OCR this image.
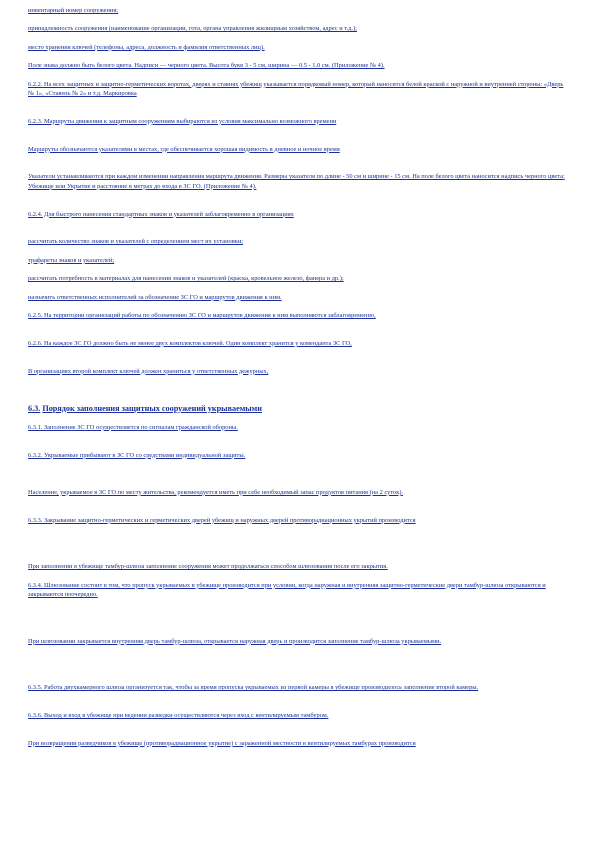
инвентарный номер сооружения;

принадлежность сооружения (наименование организации, гота, органа управления жилищным хозяйством, адрес и т.д.);

место хранения ключей (телефоны, адреса, должность и фамилия ответственных лиц).

Поле знака должно быть белого цвета. Надписи — черного цвета. Высота букв 3 - 5 см, ширина — 0.5 - 1.0 см. (Приложение № 4).

6.2.2. На всех защитных и защитно-герметических воротах, дверях и ставнях убежищ указывается порядковый номер, который наносится белой краской с наружной и внутренней стороны: «Дверь № 1», «Ставень № 2» и т.д. Маркировка

6.2.3. Маршруты движения к защитным сооружениям выбираются из условия максимально возможного времени

Маршруты обозначаются указателями в местах, где обеспечивается хорошая видимость в дневное и ночное время

Указатели устанавливаются при каждом изменении направления маршрута движения. Размеры указателя по длине - 50 см и ширине - 15 см. На поле белого цвета наносится надпись черного цвета: Убежище или Укрытие и расстояние в метрах до входа в ЗС ГО. (Приложение № 4).

6.2.4. Для быстрого нанесения стандартных знаков и указателей заблаговременно в организациях

рассчитать количество знаков и указателей с определением мест их установки;

трафареты знаков и указателей;

рассчитать потребность в материалах для нанесения знаков и указателей (краска, кровельное железо, фанера и др.);

назначить ответственных исполнителей за обозначение ЗС ГО и маршрутов движения к ним.

6.2.5. На территории организаций работы по обозначению ЗС ГО и маршрутов движения к ним выполняются заблаговременно,

6.2.6. На каждое ЗС ГО должно быть не менее двух комплектов ключей. Один комплект хранится у коменданта ЗС ГО,

В организациях второй комплект ключей должен храниться у ответственных дежурных,

6.3. Порядок заполнения защитных сооружений укрываемыми

6.3.1. Заполнение ЗС ГО осуществляется по сигналам гражданской обороны.

6.3.2. Укрываемые прибывают в ЗС ГО со средствами индивидуальной защиты.

Население, укрываемое в ЗС ГО по месту жительства, рекомендуется иметь при себе необходимый запас продуктов питания (на 2 суток).

6.3.3. Закрывание защитно-герметических и герметических дверей убежищ и наружных дверей противорадиационных укрытий производится

При заполнении в убежище тамбур-шлюза заполнение сооружения может продолжаться способом шлюзования после его закрытия.

6.3.4. Шлюзование состоит в том, что пропуск укрываемых в убежище производится при условии, когда наружная и внутренняя защитно-герметические двери тамбур-шлюза открываются и закрываются поочередно.

При шлюзовании закрывается внутренняя дверь тамбур-шлюза, открывается наружная дверь и производится заполнение тамбур-шлюза укрываемыми.

6.3.5. Работа двухкамерного шлюза организуется так, чтобы за время пропуска укрываемых из первой камеры в убежище производилось заполнение второй камеры.

6.3.6. Выход и вход в убежище при ведении разведки осуществляются через вход с вентилируемым тамбуром.

При возвращении разведчиков в убежище (противорадиационное укрытие) с зараженной местности в вентилируемых тамбурах производится
